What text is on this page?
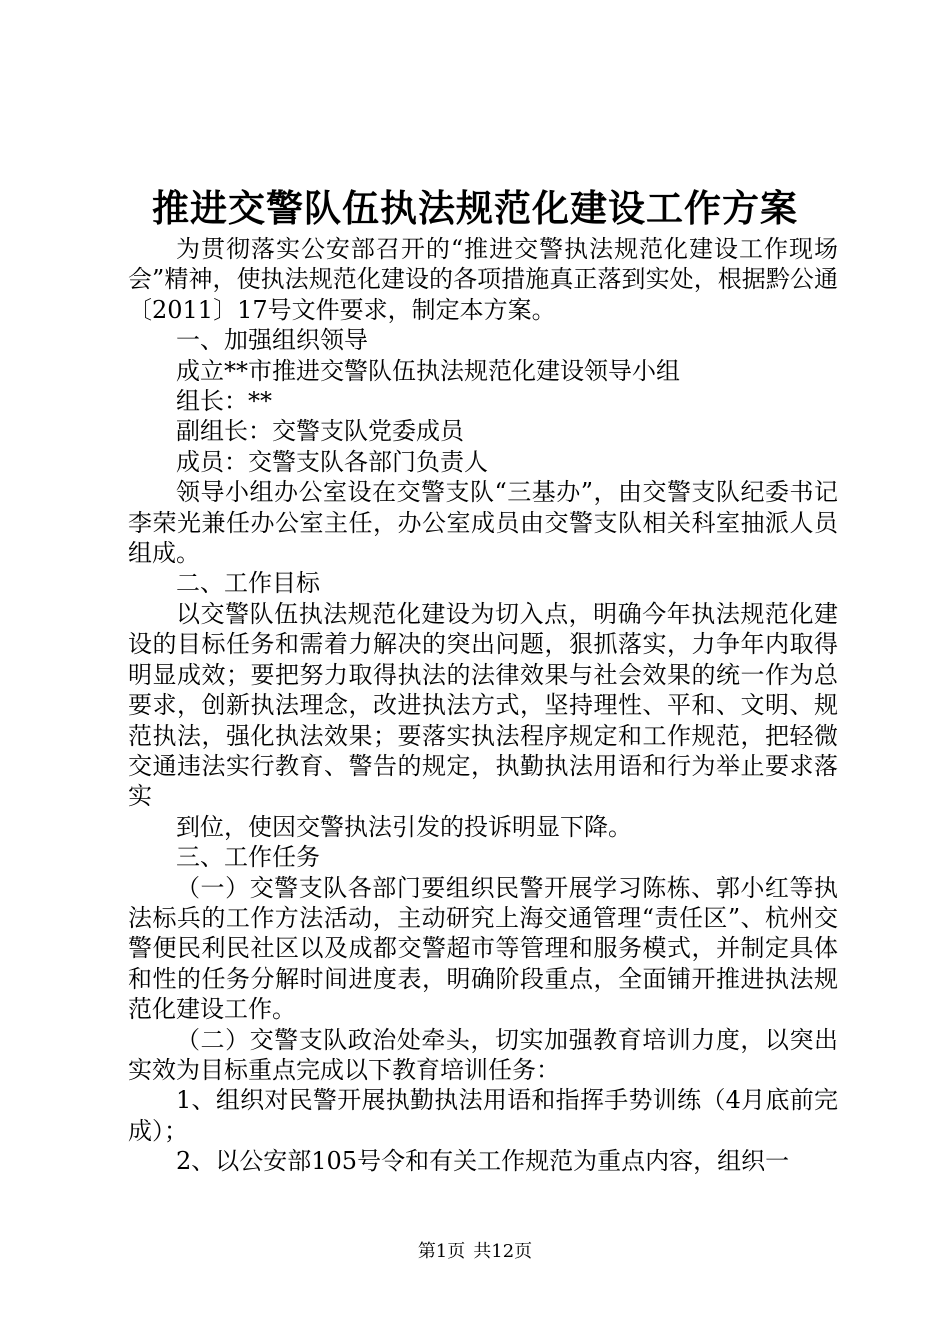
推进交警队伍执法规范化建设工作方案

为贯彻落实公安部召开的“推进交警执法规范化建设工作现场会”精神，使执法规范化建设的各项措施真正落到实处，根据黔公通〔2011〕17号文件要求，制定本方案。

一、加强组织领导

成立**市推进交警队伍执法规范化建设领导小组

组长：**

副组长：交警支队党委成员

成员：交警支队各部门负责人

领导小组办公室设在交警支队“三基办”，由交警支队纪委书记李荣光兼任办公室主任，办公室成员由交警支队相关科室抽派人员组成。

二、工作目标

以交警队伍执法规范化建设为切入点，明确今年执法规范化建设的目标任务和需着力解决的突出问题，狠抓落实，力争年内取得明显成效；要把努力取得执法的法律效果与社会效果的统一作为总要求，创新执法理念，改进执法方式，坚持理性、平和、文明、规范执法，强化执法效果；要落实执法程序规定和工作规范，把轻微交通违法实行教育、警告的规定，执勤执法用语和行为举止要求落实

到位，使因交警执法引发的投诉明显下降。

三、工作任务

（一）交警支队各部门要组织民警开展学习陈栋、郭小红等执法标兵的工作方法活动，主动研究上海交通管理“责任区”、杭州交警便民利民社区以及成都交警超市等管理和服务模式，并制定具体和性的任务分解时间进度表，明确阶段重点，全面铺开推进执法规范化建设工作。

（二）交警支队政治处牵头，切实加强教育培训力度，以突出实效为目标重点完成以下教育培训任务：

1、组织对民警开展执勤执法用语和指挥手势训练（4月底前完成）；

2、以公安部105号令和有关工作规范为重点内容，组织一

第1页 共12页
